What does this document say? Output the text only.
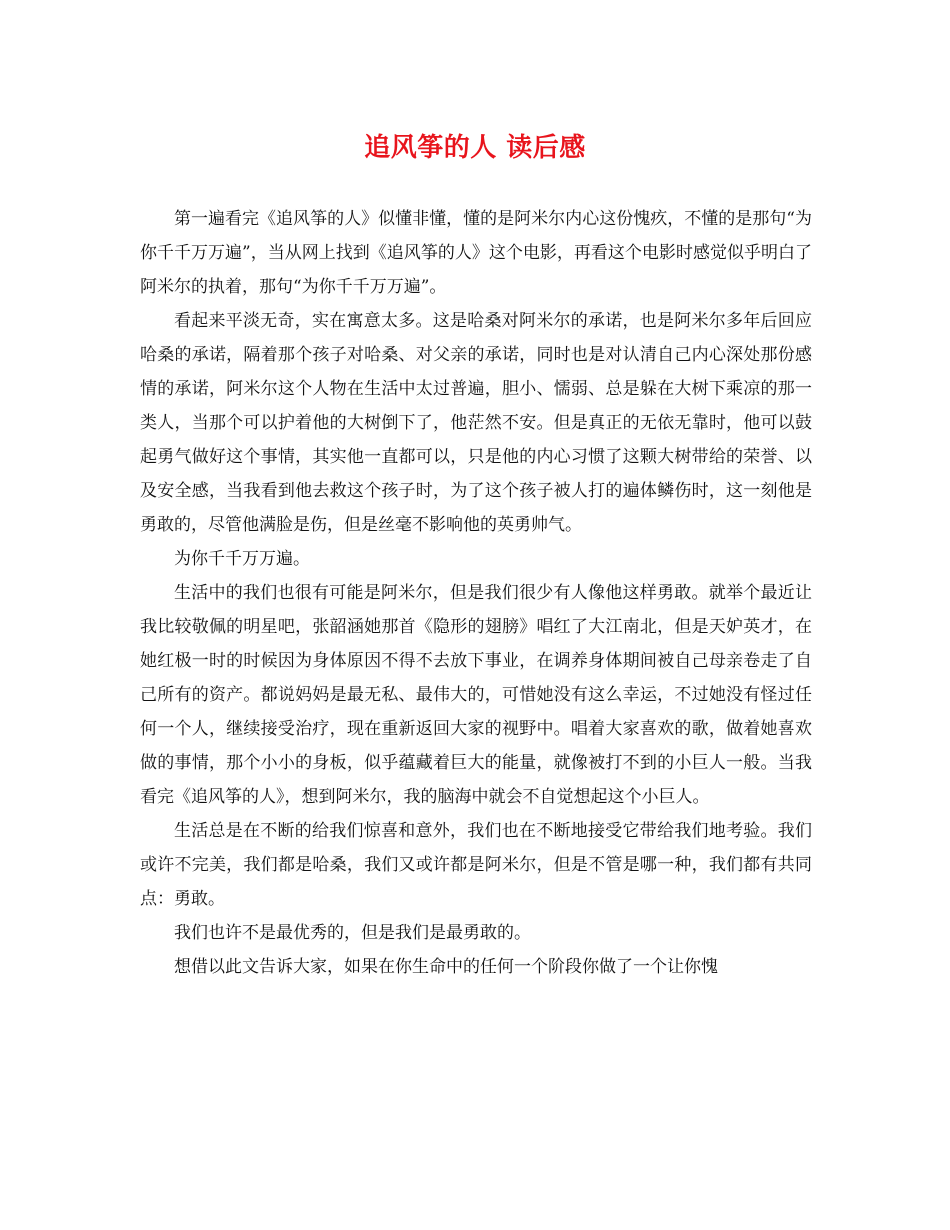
追风筝的人 读后感

第一遍看完《追风筝的人》似懂非懂，懂的是阿米尔内心这份愧疚，不懂的是那句“为你千千万万遍”，当从网上找到《追风筝的人》这个电影，再看这个电影时感觉似乎明白了阿米尔的执着，那句“为你千千万万遍”。

看起来平淡无奇，实在寓意太多。这是哈桑对阿米尔的承诺，也是阿米尔多年后回应哈桑的承诺，隔着那个孩子对哈桑、对父亲的承诺，同时也是对认清自己内心深处那份感情的承诺，阿米尔这个人物在生活中太过普遍，胆小、懦弱、总是躲在大树下乘凉的那一类人，当那个可以护着他的大树倒下了，他茫然不安。但是真正的无依无靠时，他可以鼓起勇气做好这个事情，其实他一直都可以，只是他的内心习惯了这颗大树带给的荣誉、以及安全感，当我看到他去救这个孩子时，为了这个孩子被人打的遍体鳞伤时，这一刻他是勇敢的，尽管他满脸是伤，但是丝毫不影响他的英勇帅气。

为你千千万万遍。

生活中的我们也很有可能是阿米尔，但是我们很少有人像他这样勇敢。就举个最近让我比较敬佩的明星吧，张韶涵她那首《隐形的翅膀》唱红了大江南北，但是天妒英才，在她红极一时的时候因为身体原因不得不去放下事业，在调养身体期间被自己母亲卷走了自己所有的资产。都说妈妈是最无私、最伟大的，可惜她没有这么幸运，不过她没有怪过任何一个人，继续接受治疗，现在重新返回大家的视野中。唱着大家喜欢的歌，做着她喜欢做的事情，那个小小的身板，似乎蕴藏着巨大的能量，就像被打不到的小巨人一般。当我看完《追风筝的人》，想到阿米尔，我的脑海中就会不自觉想起这个小巨人。

生活总是在不断的给我们惊喜和意外，我们也在不断地接受它带给我们地考验。我们或许不完美，我们都是哈桑，我们又或许都是阿米尔，但是不管是哪一种，我们都有共同点：勇敢。

我们也许不是最优秀的，但是我们是最勇敢的。

想借以此文告诉大家，如果在你生命中的任何一个阶段你做了一个让你愧
